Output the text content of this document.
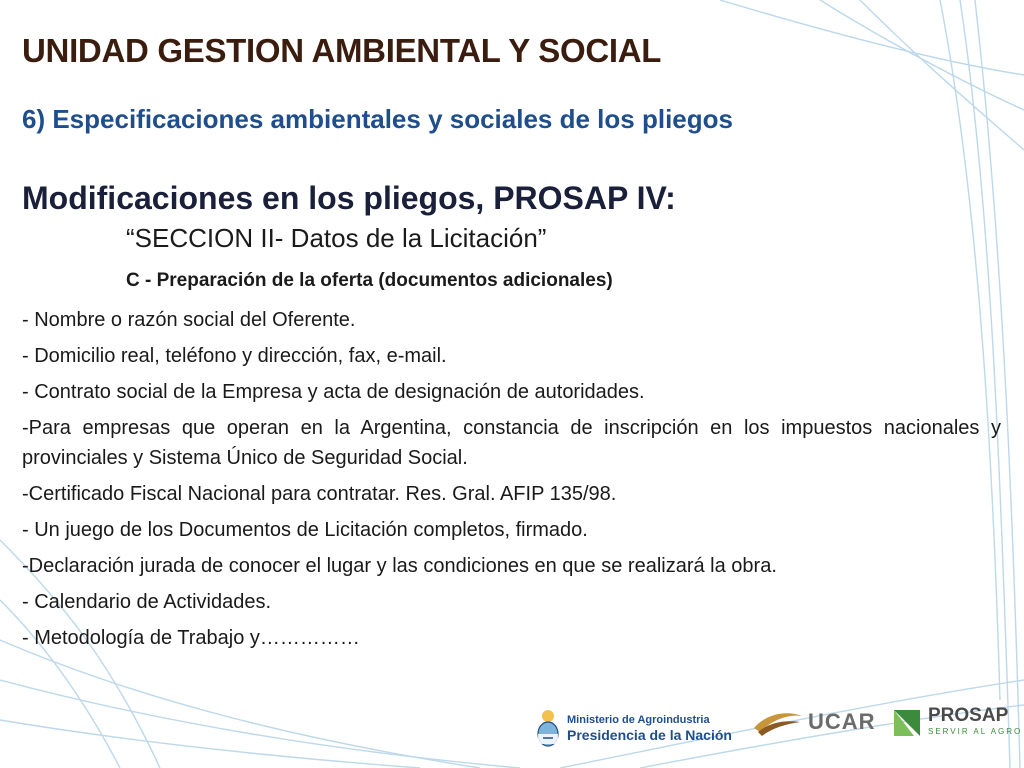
UNIDAD GESTION AMBIENTAL Y SOCIAL
6) Especificaciones ambientales y sociales de los pliegos
Modificaciones en los pliegos, PROSAP IV:

“SECCION II- Datos de la Licitación”

C - Preparación de la oferta (documentos adicionales)

- Nombre o razón social del Oferente.
- Domicilio real, teléfono y dirección, fax, e-mail.
- Contrato social de la Empresa y acta de designación de autoridades.
-Para empresas que operan en la Argentina, constancia de inscripción en los impuestos nacionales y provinciales y Sistema Único de Seguridad Social.
-Certificado Fiscal Nacional para contratar. Res. Gral. AFIP 135/98.
- Un juego de los Documentos de Licitación completos, firmado.
-Declaración jurada de conocer el lugar y las condiciones en que se realizará la obra.
- Calendario de Actividades.
- Metodología de Trabajo y……………
Ministerio de Agroindustria
Presidencia de la Nación
UCAR	PROSAP
SERVIR AL AGRO
